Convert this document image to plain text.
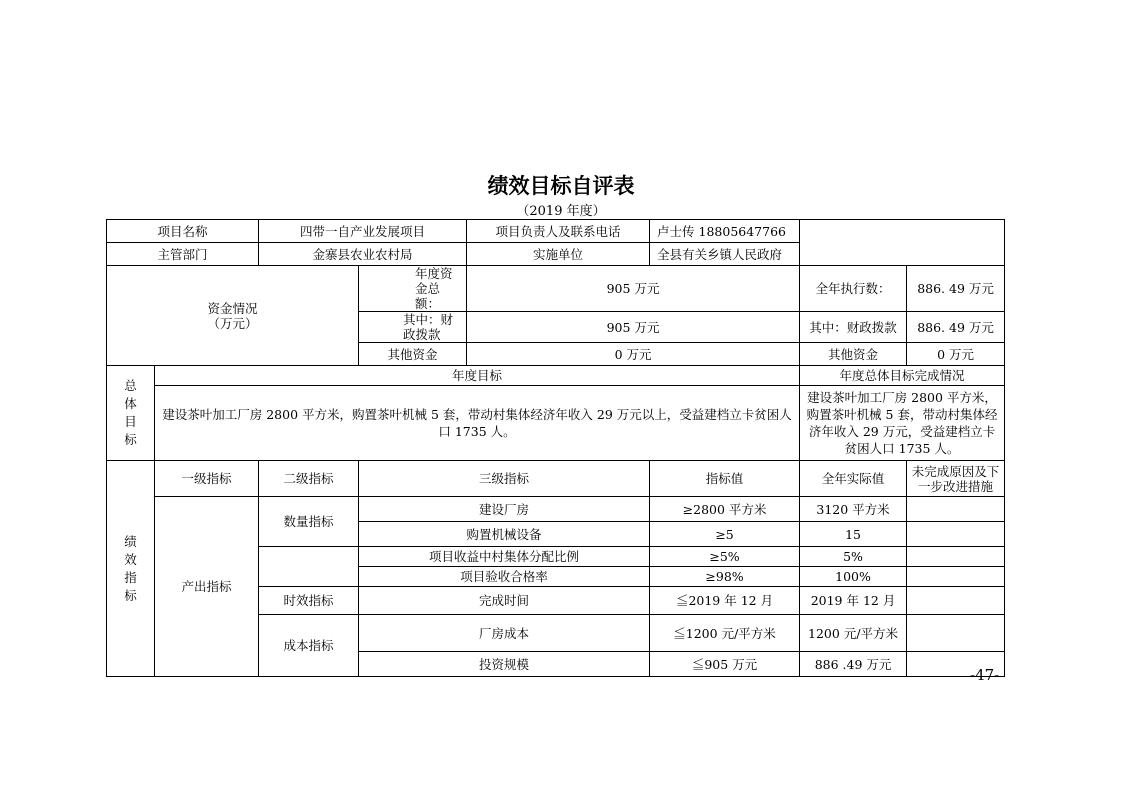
绩效目标自评表
（2019 年度）
项目名称		四带一自产业发展项目		项目负责人及联系电话	卢士传 18805647766		
主管部门		金寨县农业农村局		实施单位	全县有关乡镇人民政府		
资金情况
（万元）			年度资金总额：	905 万元		全年执行数：	886. 49 万元
			其中：财政拨款	905 万元		其中：财政拨款	886. 49 万元
			其他资金	0 万元		其他资金	0 万元
总
体
目
标	年度目标					年度总体目标完成情况	
	建设茶叶加工厂房 2800 平方米，购置茶叶机械 5 套，带动村集体经济年收入 29 万元以上，受益建档立卡贫困人口 1735 人。					建设茶叶加工厂房 2800 平方米，购置茶叶机械 5 套，带动村集体经济年收入 29 万元，受益建档立卡贫困人口 1735 人。	
绩
效
指
标	一级指标	二级指标	三级指标		指标值	全年实际值	未完成原因及下一步改进措施
	产出指标	数量指标	建设厂房		≥2800 平方米	3120 平方米	
			购置机械设备		≥5	15	
			项目收益中村集体分配比例		≥5%	5%	
			项目验收合格率		≥98%	100%	
		时效指标	完成时间		≦2019 年 12 月	2019 年 12 月	
		成本指标	厂房成本		≦1200 元/平方米	1200 元/平方米	
			投资规模		≦905 万元	886 .49 万元	
-47-
